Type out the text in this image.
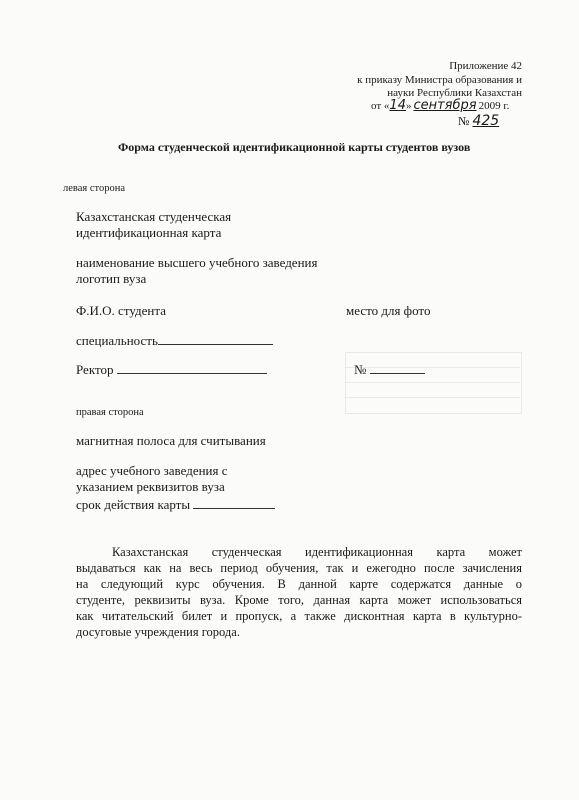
Приложение 42
к приказу Министра образования и
науки Республики Казахстан
от «14» сентября 2009 г.
№ 425
Форма студенческой идентификационной карты студентов вузов
левая сторона
Казахстанская студенческая
идентификационная карта
наименование высшего учебного заведения
логотип вуза
Ф.И.О. студента	место для фото
специальность
Ректор	№
правая сторона
магнитная полоса для считывания
адрес учебного заведения с
указанием реквизитов вуза
срок действия карты
Казахстанская студенческая идентификационная карта может
выдаваться как на весь период обучения, так и ежегодно после зачисления
на следующий курс обучения. В данной карте содержатся данные о
студенте, реквизиты вуза. Кроме того, данная карта может использоваться
как читательский билет и пропуск, а также дисконтная карта в культурно-
досуговые учреждения города.
